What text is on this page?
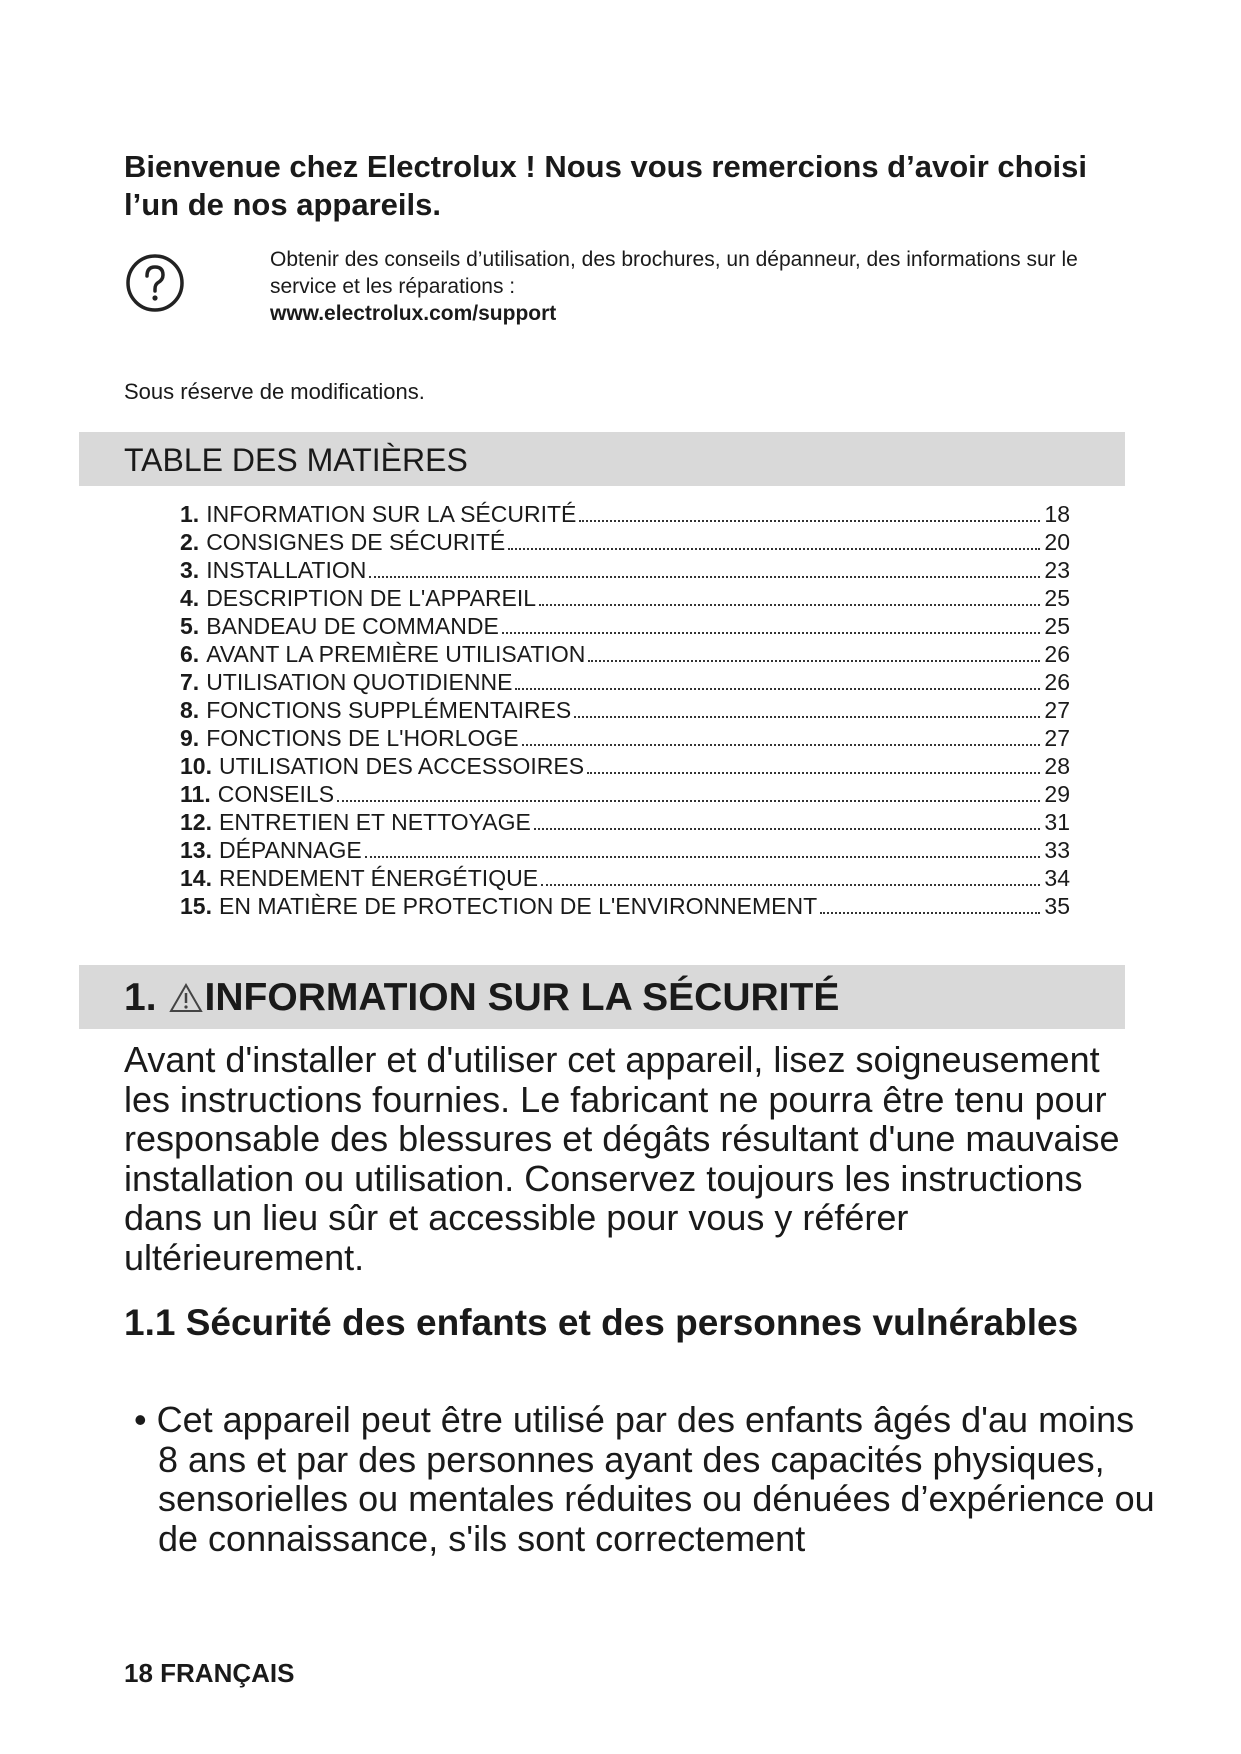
Bienvenue chez Electrolux ! Nous vous remercions d’avoir choisi l’un de nos appareils.

Obtenir des conseils d’utilisation, des brochures, un dépanneur, des informations sur le service et les réparations :
www.electrolux.com/support
Sous réserve de modifications.
TABLE DES MATIÈRES
1. INFORMATION SUR LA SÉCURITÉ	18
2. CONSIGNES DE SÉCURITÉ	20
3. INSTALLATION	23
4. DESCRIPTION DE L'APPAREIL	25
5. BANDEAU DE COMMANDE	25
6. AVANT LA PREMIÈRE UTILISATION	26
7. UTILISATION QUOTIDIENNE	26
8. FONCTIONS SUPPLÉMENTAIRES	27
9. FONCTIONS DE L'HORLOGE	27
10. UTILISATION DES ACCESSOIRES	28
11. CONSEILS	29
12. ENTRETIEN ET NETTOYAGE	31
13. DÉPANNAGE	33
14. RENDEMENT ÉNERGÉTIQUE	34
15. EN MATIÈRE DE PROTECTION DE L'ENVIRONNEMENT	35
1. INFORMATION SUR LA SÉCURITÉ

Avant d'installer et d'utiliser cet appareil, lisez soigneusement les instructions fournies. Le fabricant ne pourra être tenu pour responsable des blessures et dégâts résultant d'une mauvaise installation ou utilisation. Conservez toujours les instructions dans un lieu sûr et accessible pour vous y référer ultérieurement.

1.1 Sécurité des enfants et des personnes vulnérables

• Cet appareil peut être utilisé par des enfants âgés d'au moins 8 ans et par des personnes ayant des capacités physiques, sensorielles ou mentales réduites ou dénuées d’expérience ou de connaissance, s'ils sont correctement

18 FRANÇAIS
